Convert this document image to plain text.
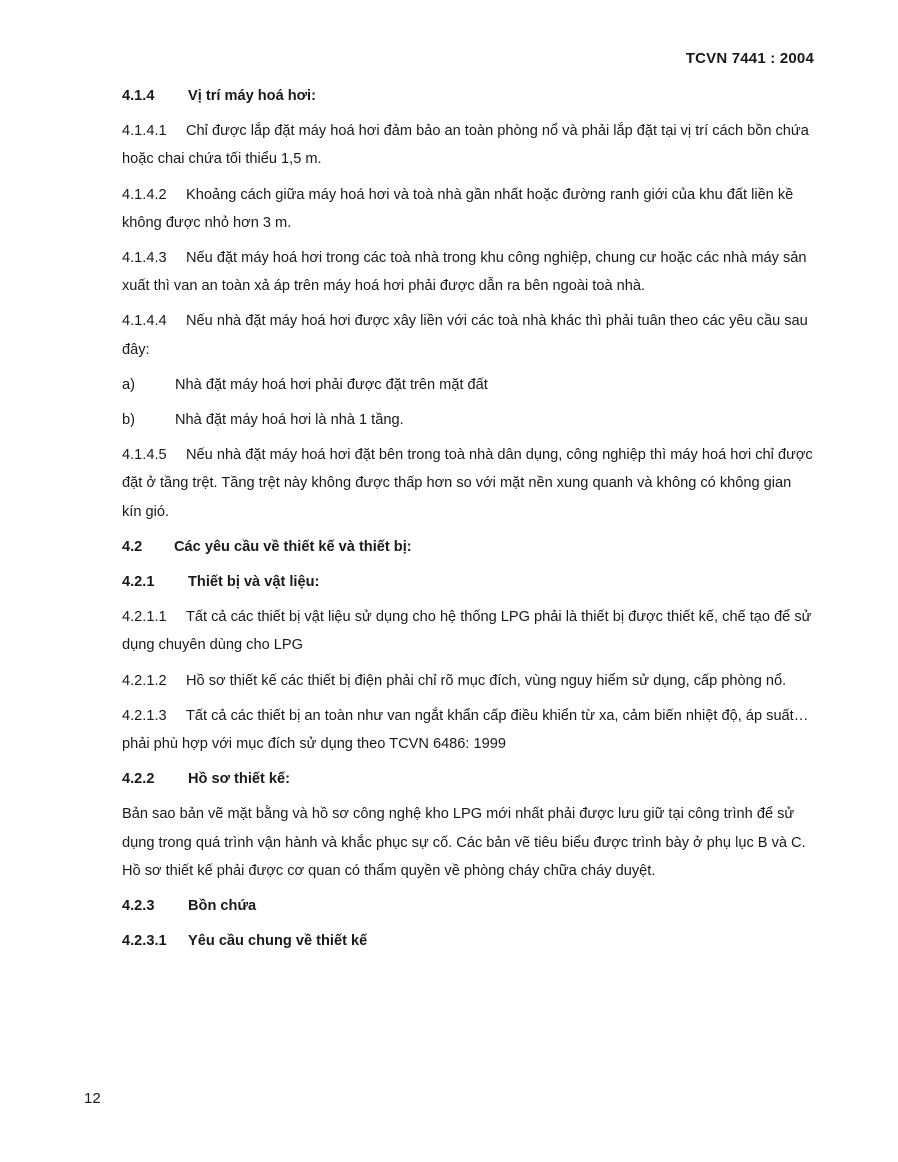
TCVN 7441 : 2004
4.1.4 Vị trí máy hoá hơi:
4.1.4.1 Chỉ được lắp đặt máy hoá hơi đảm bảo an toàn phòng nổ và phải lắp đặt tại vị trí cách bồn chứa hoặc chai chứa tối thiểu 1,5 m.
4.1.4.2 Khoảng cách giữa máy hoá hơi và toà nhà gần nhất hoặc đường ranh giới của khu đất liền kề không được nhỏ hơn 3 m.
4.1.4.3 Nếu đặt máy hoá hơi trong các toà nhà trong khu công nghiệp, chung cư hoặc các nhà máy sản xuất thì van an toàn xả áp trên máy hoá hơi phải được dẫn ra bên ngoài toà nhà.
4.1.4.4 Nếu nhà đặt máy hoá hơi được xây liền với các toà nhà khác thì phải tuân theo các yêu cầu sau đây:
a)	Nhà đặt máy hoá hơi phải được đặt trên mặt đất
b)	Nhà đặt máy hoá hơi là nhà 1 tầng.
4.1.4.5 Nếu nhà đặt máy hoá hơi đặt bên trong toà nhà dân dụng, công nghiệp thì máy hoá hơi chỉ được đặt ở tầng trệt. Tầng trệt này không được thấp hơn so với mặt nền xung quanh và không có không gian kín gió.
4.2 Các yêu cầu về thiết kế và thiết bị:
4.2.1 Thiết bị và vật liệu:
4.2.1.1 Tất cả các thiết bị vật liệu sử dụng cho hệ thống LPG phải là thiết bị được thiết kế, chế tạo để sử dụng chuyên dùng cho LPG
4.2.1.2 Hồ sơ thiết kế các thiết bị điện phải chỉ rõ mục đích, vùng nguy hiểm sử dụng, cấp phòng nổ.
4.2.1.3 Tất cả các thiết bị an toàn như van ngắt khẩn cấp điều khiển từ xa, cảm biến nhiệt độ, áp suất…phải phù hợp với mục đích sử dụng theo TCVN 6486: 1999
4.2.2 Hồ sơ thiết kế:
Bản sao bản vẽ mặt bằng và hồ sơ công nghệ kho LPG mới nhất phải được lưu giữ tại công trình để sử dụng trong quá trình vận hành và khắc phục sự cố. Các bản vẽ tiêu biểu được trình bày ở phụ lục B và C. Hồ sơ thiết kế phải được cơ quan có thẩm quyền về phòng cháy chữa cháy duyệt.
4.2.3 Bồn chứa
4.2.3.1 Yêu cầu chung về thiết kế
12
